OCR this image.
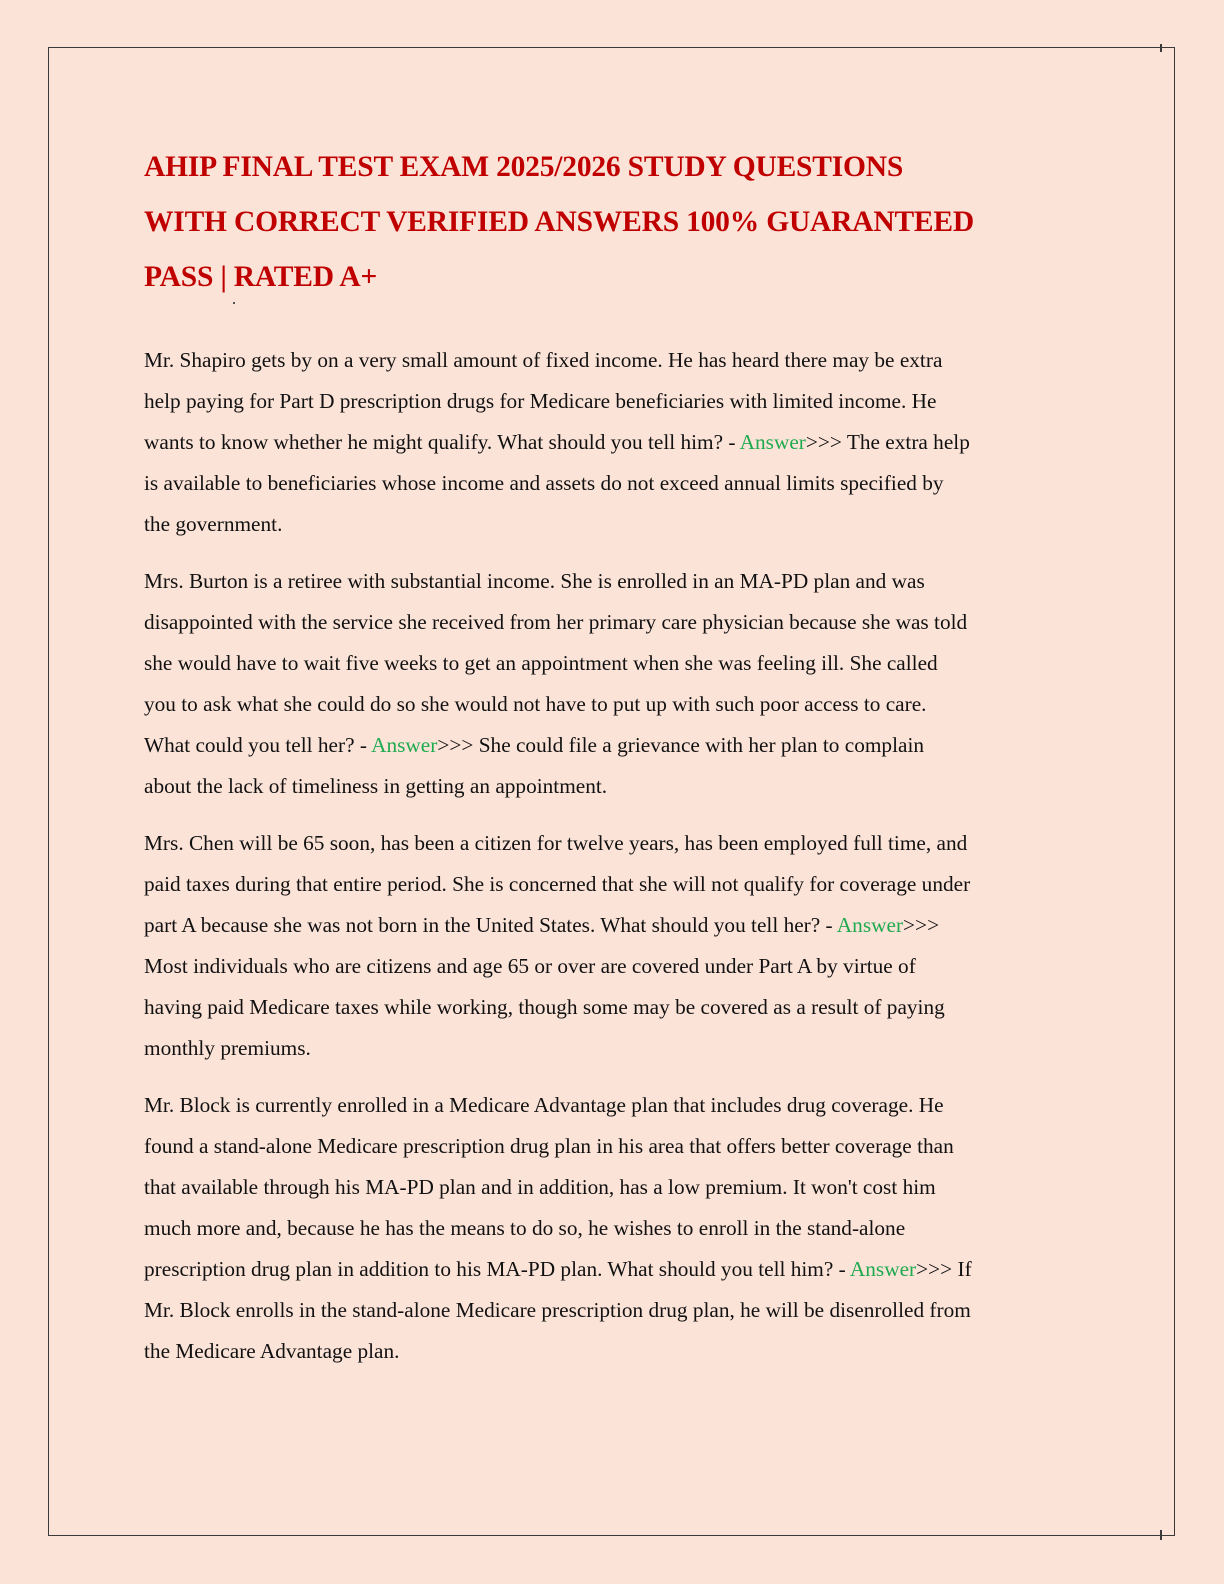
AHIP FINAL TEST EXAM 2025/2026 STUDY QUESTIONS
WITH CORRECT VERIFIED ANSWERS 100% GUARANTEED
PASS | RATED A+

Mr. Shapiro gets by on a very small amount of fixed income. He has heard there may be extra
help paying for Part D prescription drugs for Medicare beneficiaries with limited income. He
wants to know whether he might qualify. What should you tell him? - Answer>>> The extra help
is available to beneficiaries whose income and assets do not exceed annual limits specified by
the government.

Mrs. Burton is a retiree with substantial income. She is enrolled in an MA-PD plan and was
disappointed with the service she received from her primary care physician because she was told
she would have to wait five weeks to get an appointment when she was feeling ill. She called
you to ask what she could do so she would not have to put up with such poor access to care.
What could you tell her? - Answer>>> She could file a grievance with her plan to complain
about the lack of timeliness in getting an appointment.

Mrs. Chen will be 65 soon, has been a citizen for twelve years, has been employed full time, and
paid taxes during that entire period. She is concerned that she will not qualify for coverage under
part A because she was not born in the United States. What should you tell her? - Answer>>>
Most individuals who are citizens and age 65 or over are covered under Part A by virtue of
having paid Medicare taxes while working, though some may be covered as a result of paying
monthly premiums.

Mr. Block is currently enrolled in a Medicare Advantage plan that includes drug coverage. He
found a stand-alone Medicare prescription drug plan in his area that offers better coverage than
that available through his MA-PD plan and in addition, has a low premium. It won't cost him
much more and, because he has the means to do so, he wishes to enroll in the stand-alone
prescription drug plan in addition to his MA-PD plan. What should you tell him? - Answer>>> If
Mr. Block enrolls in the stand-alone Medicare prescription drug plan, he will be disenrolled from
the Medicare Advantage plan.
